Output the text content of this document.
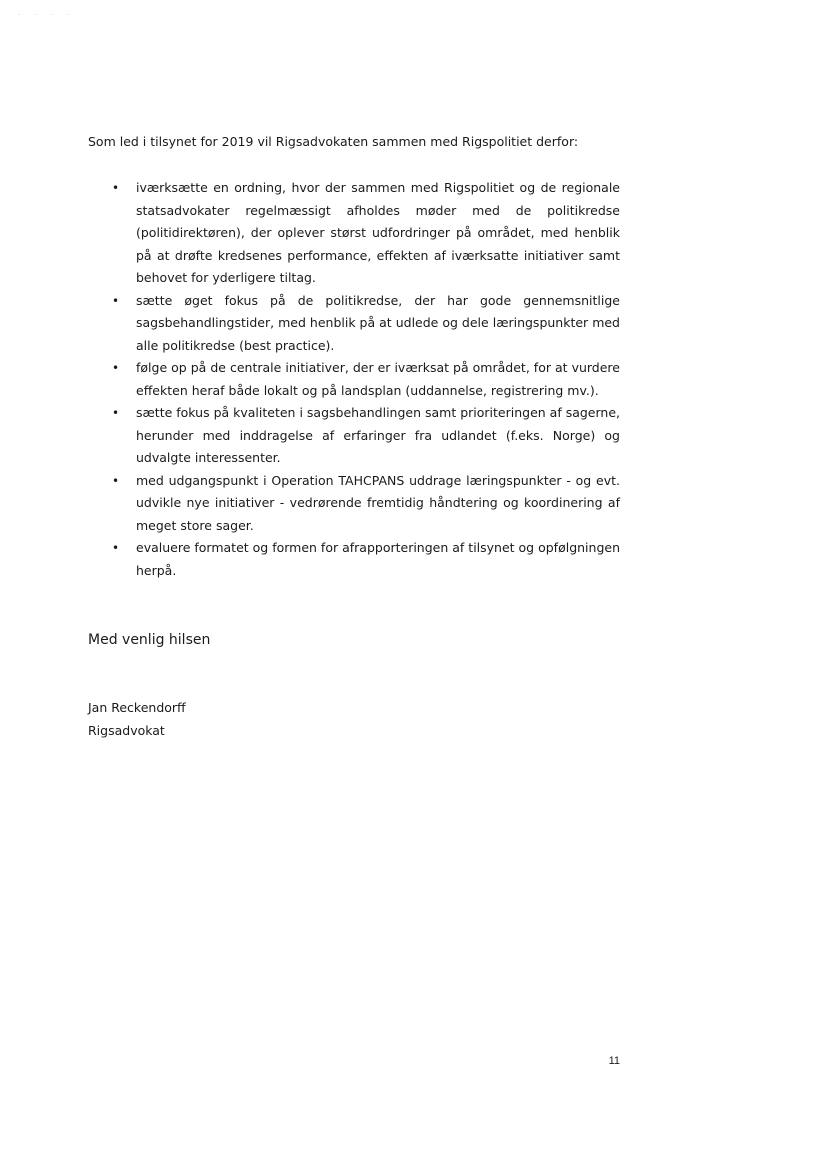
· · · ·

Som led i tilsynet for 2019 vil Rigsadvokaten sammen med Rigspolitiet derfor:

• iværksætte en ordning, hvor der sammen med Rigspolitiet og de regionale statsadvokater regelmæssigt afholdes møder med de politikredse (politidirektøren), der oplever størst udfordringer på området, med henblik på at drøfte kredsenes performance, effekten af iværksatte initiativer samt behovet for yderligere tiltag.
• sætte øget fokus på de politikredse, der har gode gennemsnitlige sagsbehandlingstider, med henblik på at udlede og dele læringspunkter med alle politikredse (best practice).
• følge op på de centrale initiativer, der er iværksat på området, for at vurdere effekten heraf både lokalt og på landsplan (uddannelse, registrering mv.).
• sætte fokus på kvaliteten i sagsbehandlingen samt prioriteringen af sagerne, herunder med inddragelse af erfaringer fra udlandet (f.eks. Norge) og udvalgte interessenter.
• med udgangspunkt i Operation TAHCPANS uddrage læringspunkter - og evt. udvikle nye initiativer - vedrørende fremtidig håndtering og koordinering af meget store sager.
• evaluere formatet og formen for afrapporteringen af tilsynet og opfølgningen herpå.

Med venlig hilsen

Jan Reckendorff

Rigsadvokat

11
